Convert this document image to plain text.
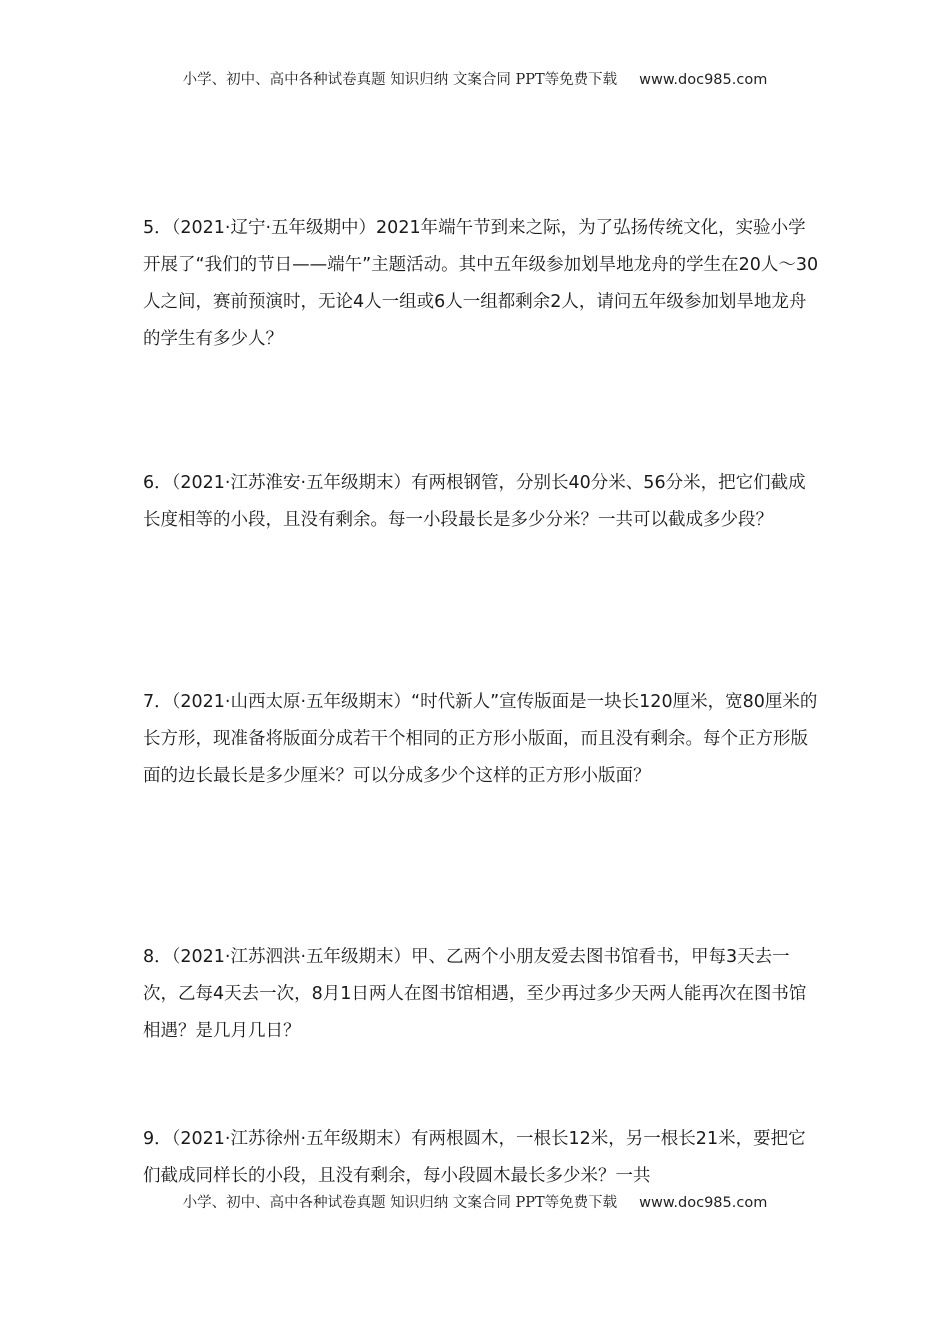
小学、初中、高中各种试卷真题 知识归纳 文案合同 PPT等免费下载 www.doc985.com

5．（2021·辽宁·五年级期中）2021年端午节到来之际，为了弘扬传统文化，实验小学开展了“我们的节日——端午”主题活动。其中五年级参加划旱地龙舟的学生在20人～30人之间，赛前预演时，无论4人一组或6人一组都剩余2人，请问五年级参加划旱地龙舟的学生有多少人？

6．（2021·江苏淮安·五年级期末）有两根钢管，分别长40分米、56分米，把它们截成长度相等的小段，且没有剩余。每一小段最长是多少分米？一共可以截成多少段？

7．（2021·山西太原·五年级期末）“时代新人”宣传版面是一块长120厘米，宽80厘米的长方形，现准备将版面分成若干个相同的正方形小版面，而且没有剩余。每个正方形版面的边长最长是多少厘米？可以分成多少个这样的正方形小版面？

8．（2021·江苏泗洪·五年级期末）甲、乙两个小朋友爱去图书馆看书，甲每3天去一次，乙每4天去一次，8月1日两人在图书馆相遇，至少再过多少天两人能再次在图书馆相遇？是几月几日？

9．（2021·江苏徐州·五年级期末）有两根圆木，一根长12米，另一根长21米，要把它们截成同样长的小段，且没有剩余，每小段圆木最长多少米？一共

小学、初中、高中各种试卷真题 知识归纳 文案合同 PPT等免费下载 www.doc985.com
